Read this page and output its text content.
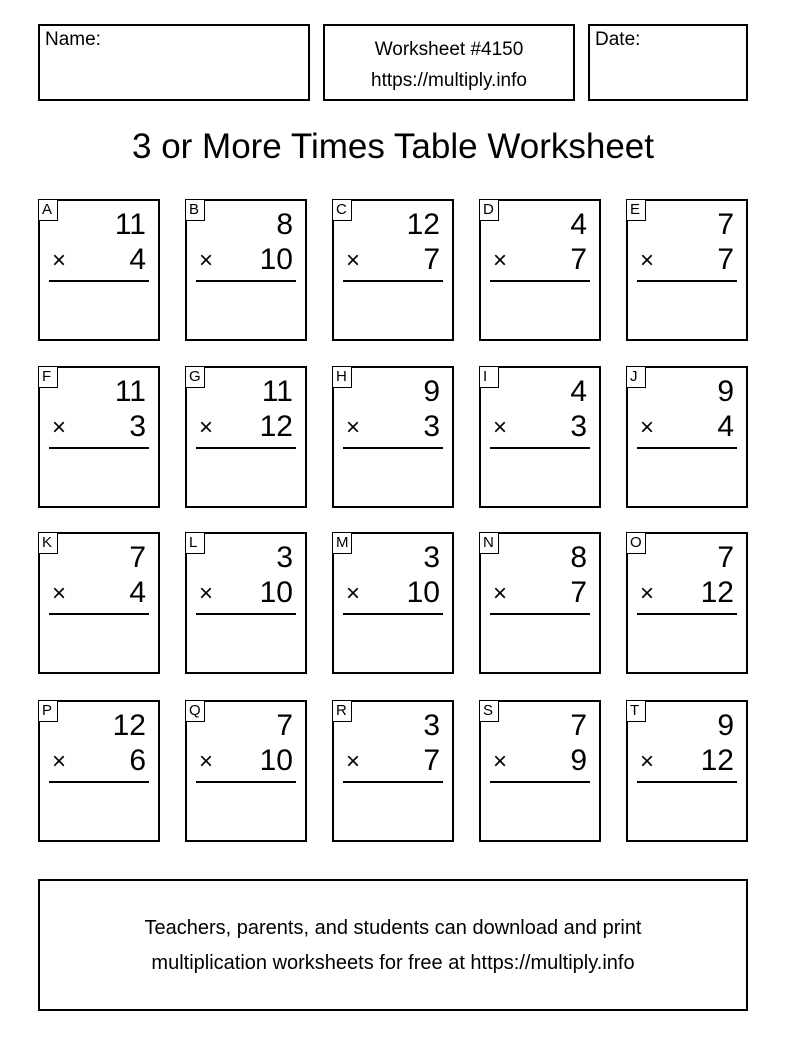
Name:	Worksheet #4150
https://multiply.info
Date:
3 or More Times Table Worksheet
A 11
× 4
B	8
× 10
C 12
× 7
D	4
× 7
E	7
× 7
F 11
× 3
G 11
× 12
H	9
× 3
I	4
× 3
J	9
× 4
K	7
× 4
L	3
× 10
M 3
× 10
N	8
× 7
O	7
× 12
P 12
× 6
Q	7
× 10
R	3
× 7
S	7
× 9
T	9
× 12
Teachers, parents, and students can download and print
multiplication worksheets for free at https://multiply.info
